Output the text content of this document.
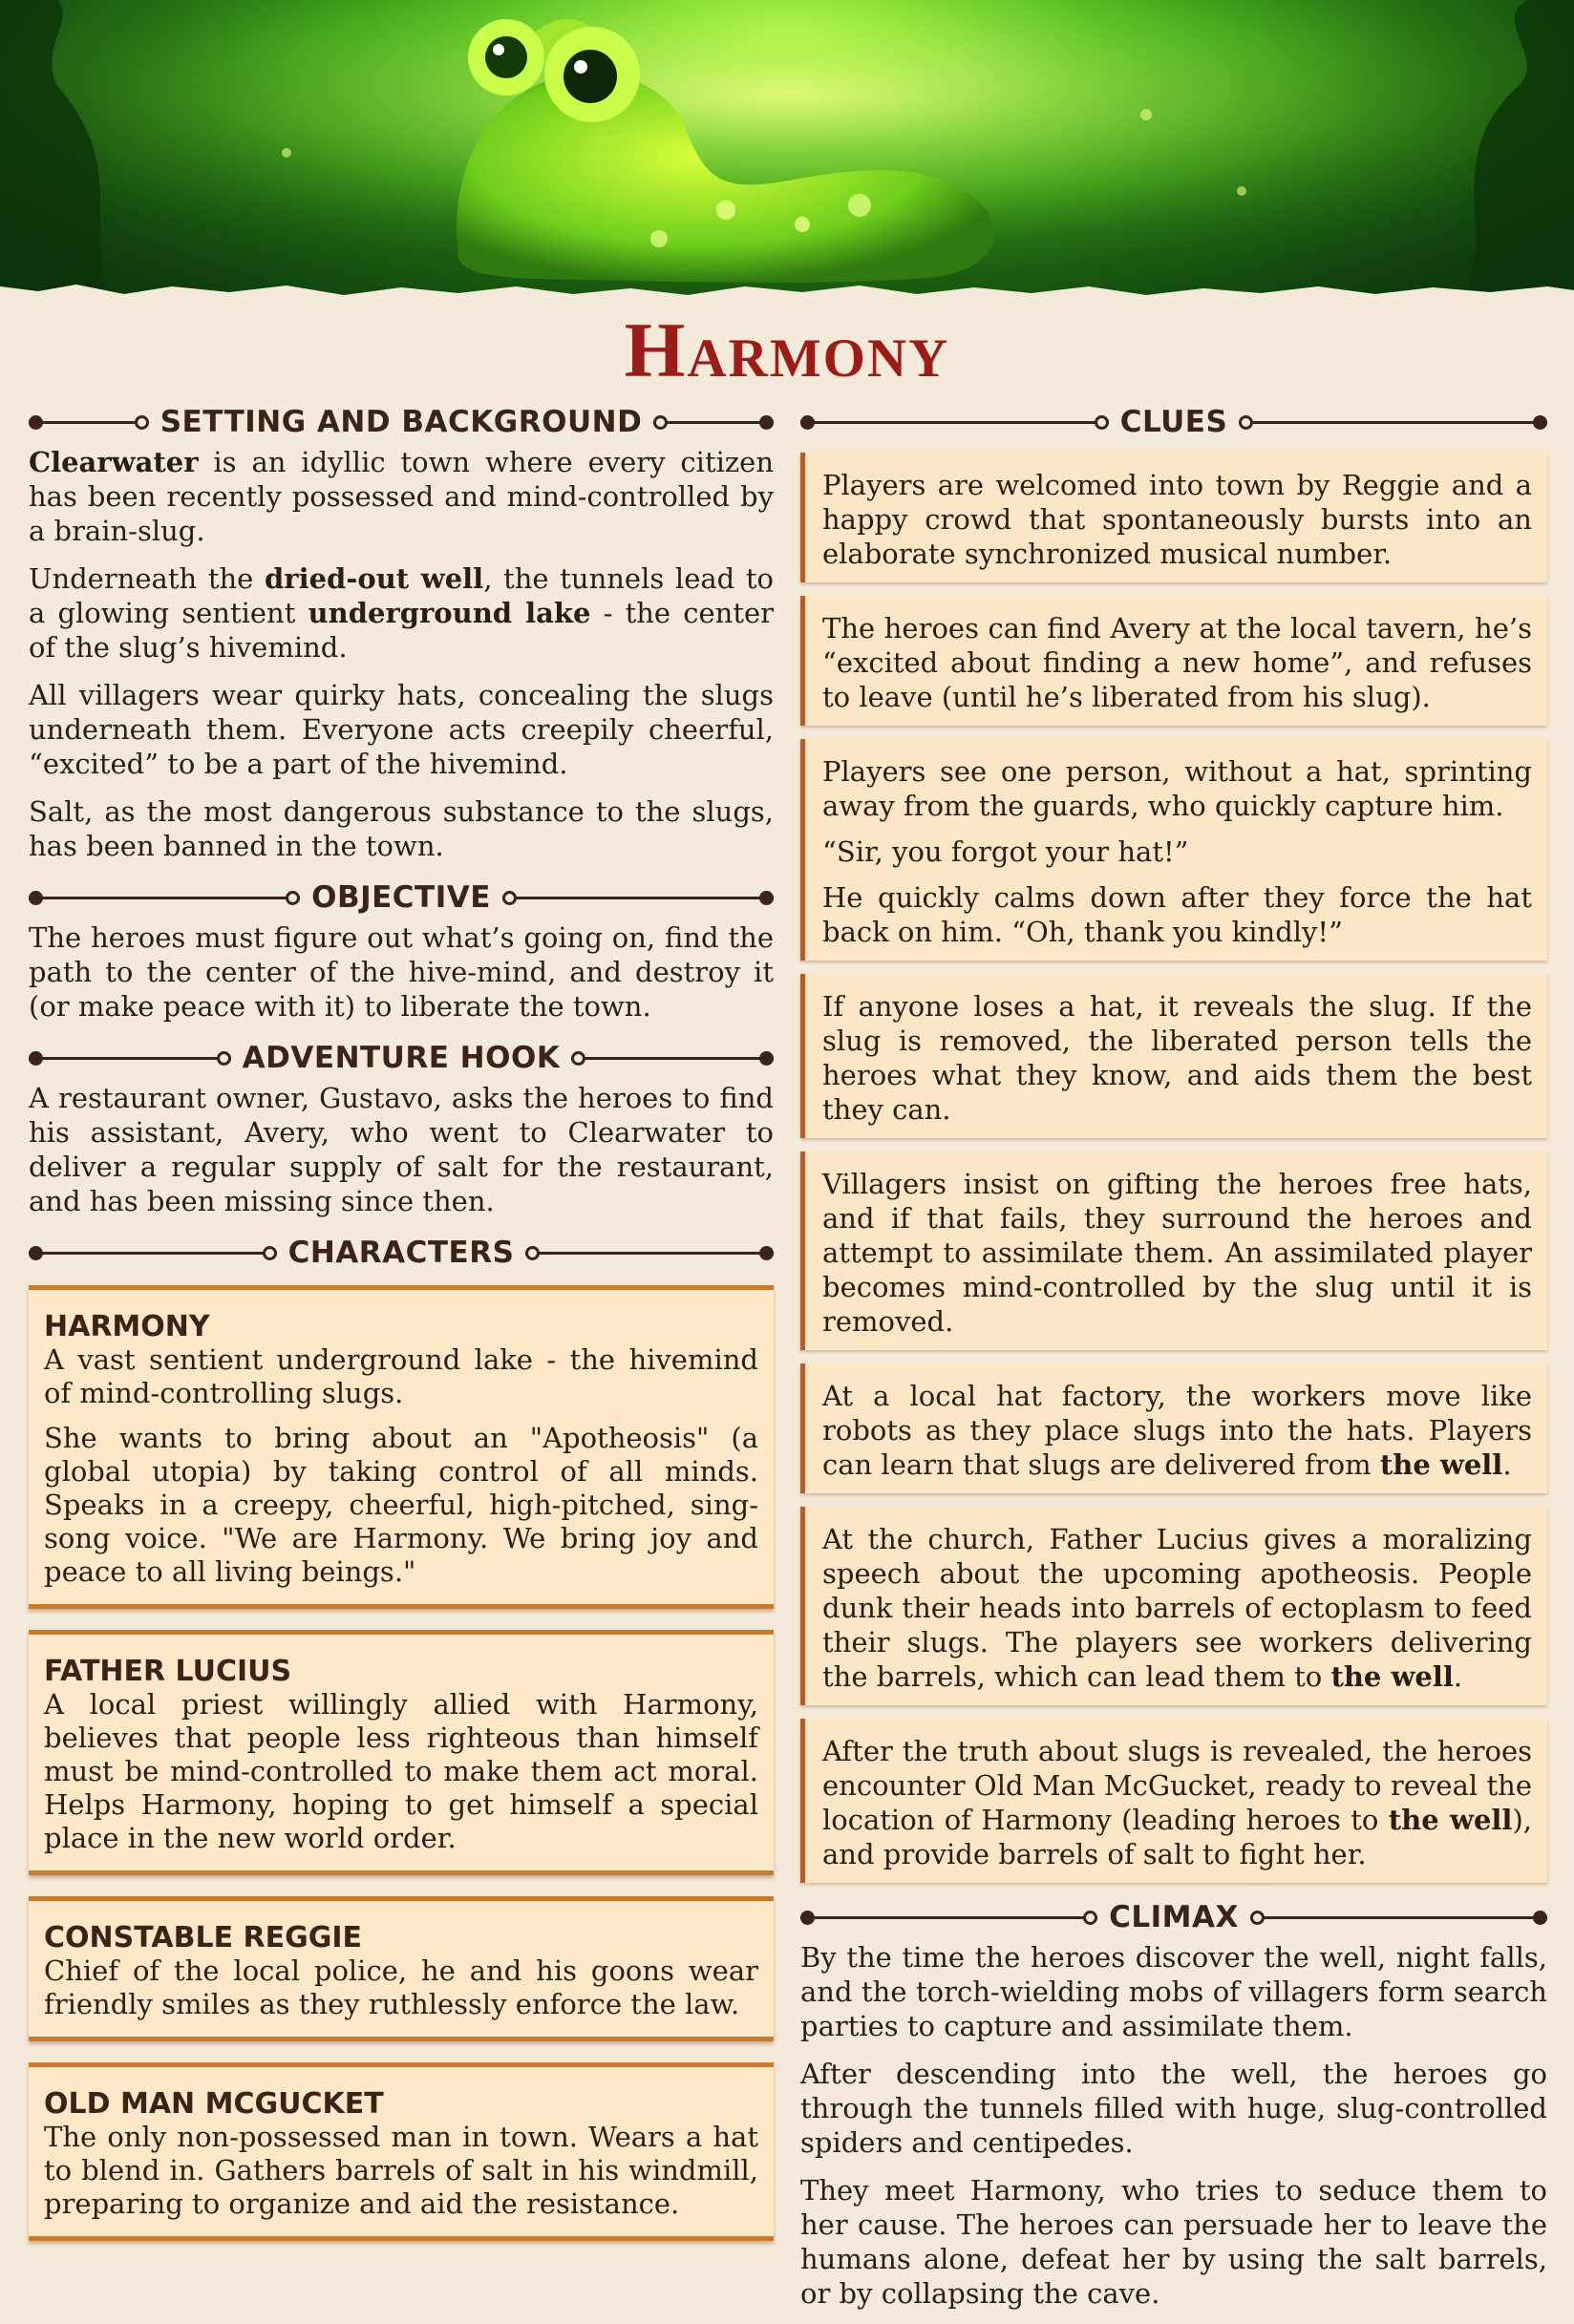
Harmony
SETTING AND BACKGROUND

Clearwater is an idyllic town where every citizen has been recently possessed and mind-controlled by a brain-slug.

Underneath the dried-out well, the tunnels lead to a glowing sentient underground lake - the center of the slug’s hivemind.

All villagers wear quirky hats, concealing the slugs underneath them. Everyone acts creepily cheerful, “excited” to be a part of the hivemind.

Salt, as the most dangerous substance to the slugs, has been banned in the town.

OBJECTIVE

The heroes must figure out what’s going on, find the path to the center of the hive-mind, and destroy it (or make peace with it) to liberate the town.

ADVENTURE HOOK

A restaurant owner, Gustavo, asks the heroes to find his assistant, Avery, who went to Clearwater to deliver a regular supply of salt for the restaurant, and has been missing since then.

CHARACTERS
HARMONY

A vast sentient underground lake - the hivemind of mind-controlling slugs.

She wants to bring about an "Apotheosis" (a global utopia) by taking control of all minds. Speaks in a creepy, cheerful, high-pitched, sing-song voice. "We are Harmony. We bring joy and peace to all living beings."

FATHER LUCIUS

A local priest willingly allied with Harmony, believes that people less righteous than himself must be mind-controlled to make them act moral. Helps Harmony, hoping to get himself a special place in the new world order.

CONSTABLE REGGIE

Chief of the local police, he and his goons wear friendly smiles as they ruthlessly enforce the law.

OLD MAN MCGUCKET

The only non-possessed man in town. Wears a hat to blend in. Gathers barrels of salt in his windmill, preparing to organize and aid the resistance.

CLUES

Players are welcomed into town by Reggie and a happy crowd that spontaneously bursts into an elaborate synchronized musical number.

The heroes can find Avery at the local tavern, he’s “excited about finding a new home”, and refuses to leave (until he’s liberated from his slug).

Players see one person, without a hat, sprinting away from the guards, who quickly capture him.

“Sir, you forgot your hat!”

He quickly calms down after they force the hat back on him. “Oh, thank you kindly!”

If anyone loses a hat, it reveals the slug. If the slug is removed, the liberated person tells the heroes what they know, and aids them the best they can.

Villagers insist on gifting the heroes free hats, and if that fails, they surround the heroes and attempt to assimilate them. An assimilated player becomes mind-controlled by the slug until it is removed.

At a local hat factory, the workers move like robots as they place slugs into the hats. Players can learn that slugs are delivered from the well.

At the church, Father Lucius gives a moralizing speech about the upcoming apotheosis. People dunk their heads into barrels of ectoplasm to feed their slugs. The players see workers delivering the barrels, which can lead them to the well.

After the truth about slugs is revealed, the heroes encounter Old Man McGucket, ready to reveal the location of Harmony (leading heroes to the well), and provide barrels of salt to fight her.

CLIMAX

By the time the heroes discover the well, night falls, and the torch-wielding mobs of villagers form search parties to capture and assimilate them.

After descending into the well, the heroes go through the tunnels filled with huge, slug-controlled spiders and centipedes.

They meet Harmony, who tries to seduce them to her cause. The heroes can persuade her to leave the humans alone, defeat her by using the salt barrels, or by collapsing the cave.
